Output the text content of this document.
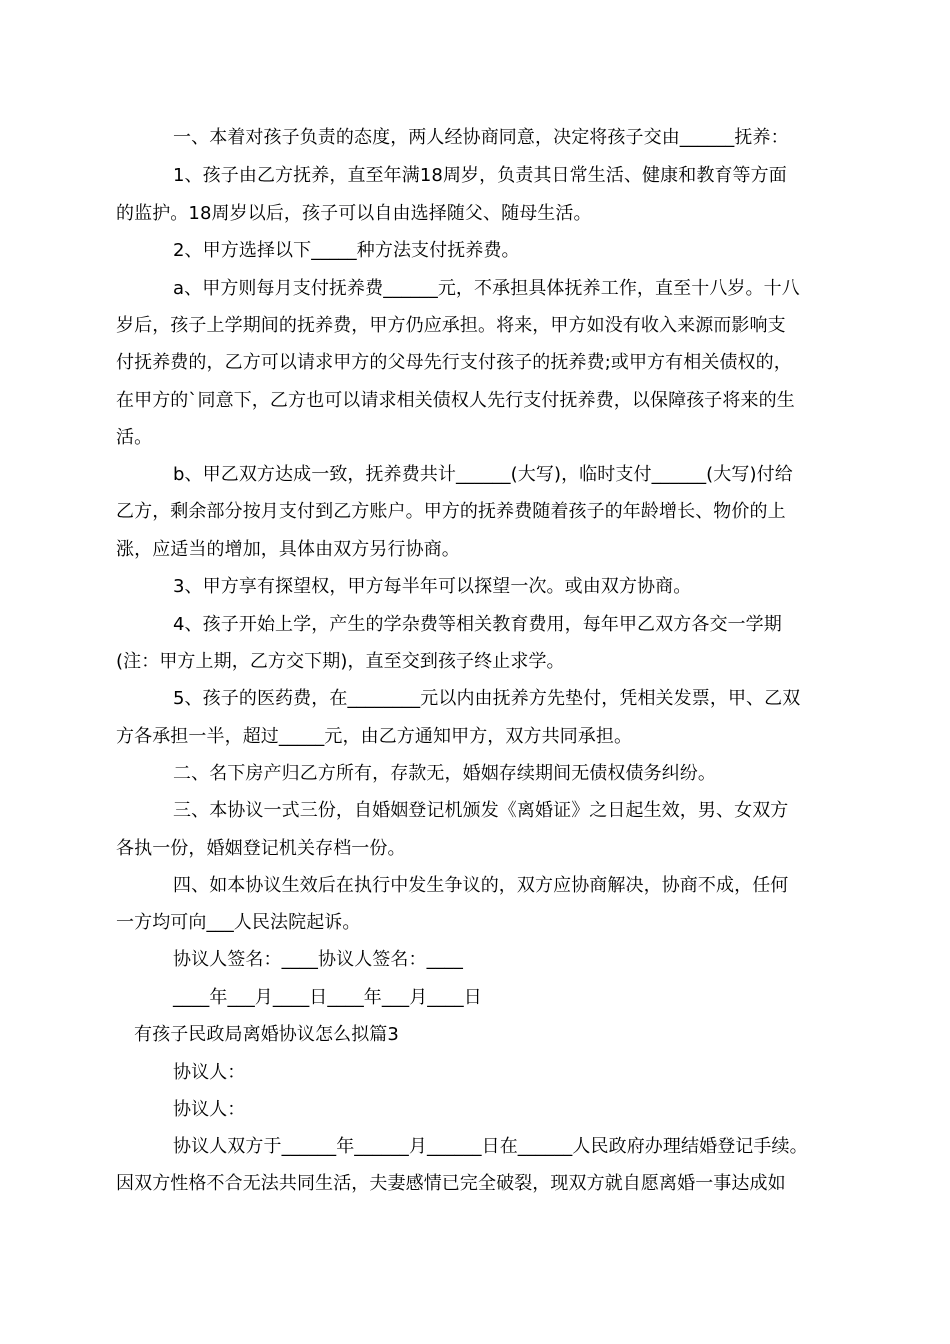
一、本着对孩子负责的态度，两人经协商同意，决定将孩子交由______抚养：
1、孩子由乙方抚养，直至年满18周岁，负责其日常生活、健康和教育等方面
的监护。18周岁以后，孩子可以自由选择随父、随母生活。
2、甲方选择以下_____种方法支付抚养费。
a、甲方则每月支付抚养费______元，不承担具体抚养工作，直至十八岁。十八
岁后，孩子上学期间的抚养费，甲方仍应承担。将来，甲方如没有收入来源而影响支
付抚养费的，乙方可以请求甲方的父母先行支付孩子的抚养费;或甲方有相关债权的，
在甲方的`同意下，乙方也可以请求相关债权人先行支付抚养费，以保障孩子将来的生
活。
b、甲乙双方达成一致，抚养费共计______(大写)，临时支付______(大写)付给
乙方，剩余部分按月支付到乙方账户。甲方的抚养费随着孩子的年龄增长、物价的上
涨，应适当的增加，具体由双方另行协商。
3、甲方享有探望权，甲方每半年可以探望一次。或由双方协商。
4、孩子开始上学，产生的学杂费等相关教育费用，每年甲乙双方各交一学期
(注：甲方上期，乙方交下期)，直至交到孩子终止求学。
5、孩子的医药费，在________元以内由抚养方先垫付，凭相关发票，甲、乙双
方各承担一半，超过_____元，由乙方通知甲方，双方共同承担。
二、名下房产归乙方所有，存款无，婚姻存续期间无债权债务纠纷。
三、本协议一式三份，自婚姻登记机颁发《离婚证》之日起生效，男、女双方
各执一份，婚姻登记机关存档一份。
四、如本协议生效后在执行中发生争议的，双方应协商解决，协商不成，任何
一方均可向___人民法院起诉。
协议人签名：____协议人签名：____
____年___月____日____年___月____日
有孩子民政局离婚协议怎么拟篇3
协议人：
协议人：
协议人双方于______年______月______日在______人民政府办理结婚登记手续。
因双方性格不合无法共同生活，夫妻感情已完全破裂，现双方就自愿离婚一事达成如
